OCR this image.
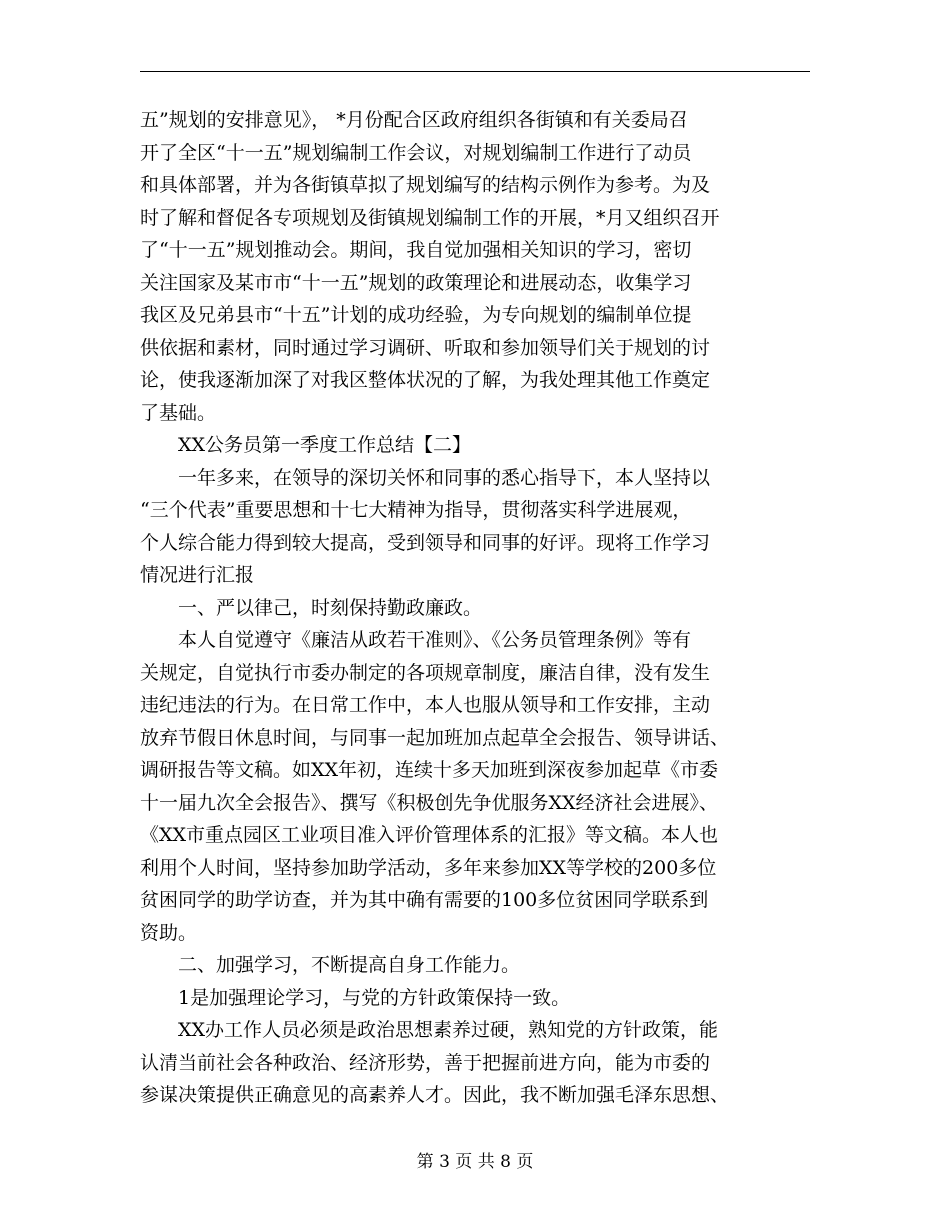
五”规划的安排意见》， *月份配合区政府组织各街镇和有关委局召
开了全区“十一五”规划编制工作会议，对规划编制工作进行了动员
和具体部署，并为各街镇草拟了规划编写的结构示例作为参考。为及
时了解和督促各专项规划及街镇规划编制工作的开展，*月又组织召开
了“十一五”规划推动会。期间，我自觉加强相关知识的学习，密切
关注国家及某市市“十一五”规划的政策理论和进展动态，收集学习
我区及兄弟县市“十五”计划的成功经验，为专向规划的编制单位提
供依据和素材，同时通过学习调研、听取和参加领导们关于规划的讨
论，使我逐渐加深了对我区整体状况的了解，为我处理其他工作奠定
了基础。
XX公务员第一季度工作总结【二】
一年多来，在领导的深切关怀和同事的悉心指导下，本人坚持以
“三个代表”重要思想和十七大精神为指导，贯彻落实科学进展观，
个人综合能力得到较大提高，受到领导和同事的好评。现将工作学习
情况进行汇报
一、严以律己，时刻保持勤政廉政。
本人自觉遵守《廉洁从政若干准则》、《公务员管理条例》等有
关规定，自觉执行市委办制定的各项规章制度，廉洁自律，没有发生
违纪违法的行为。在日常工作中，本人也服从领导和工作安排，主动
放弃节假日休息时间，与同事一起加班加点起草全会报告、领导讲话、
调研报告等文稿。如XX年初，连续十多天加班到深夜参加起草《市委
十一届九次全会报告》、撰写《积极创先争优服务XX经济社会进展》、
《XX市重点园区工业项目准入评价管理体系的汇报》等文稿。本人也
利用个人时间，坚持参加助学活动，多年来参加XX等学校的200多位
贫困同学的助学访查，并为其中确有需要的100多位贫困同学联系到
资助。
二、加强学习，不断提高自身工作能力。
1是加强理论学习，与党的方针政策保持一致。
XX办工作人员必须是政治思想素养过硬，熟知党的方针政策，能
认清当前社会各种政治、经济形势，善于把握前进方向，能为市委的
参谋决策提供正确意见的高素养人才。因此，我不断加强毛泽东思想、
第 3 页 共 8 页
